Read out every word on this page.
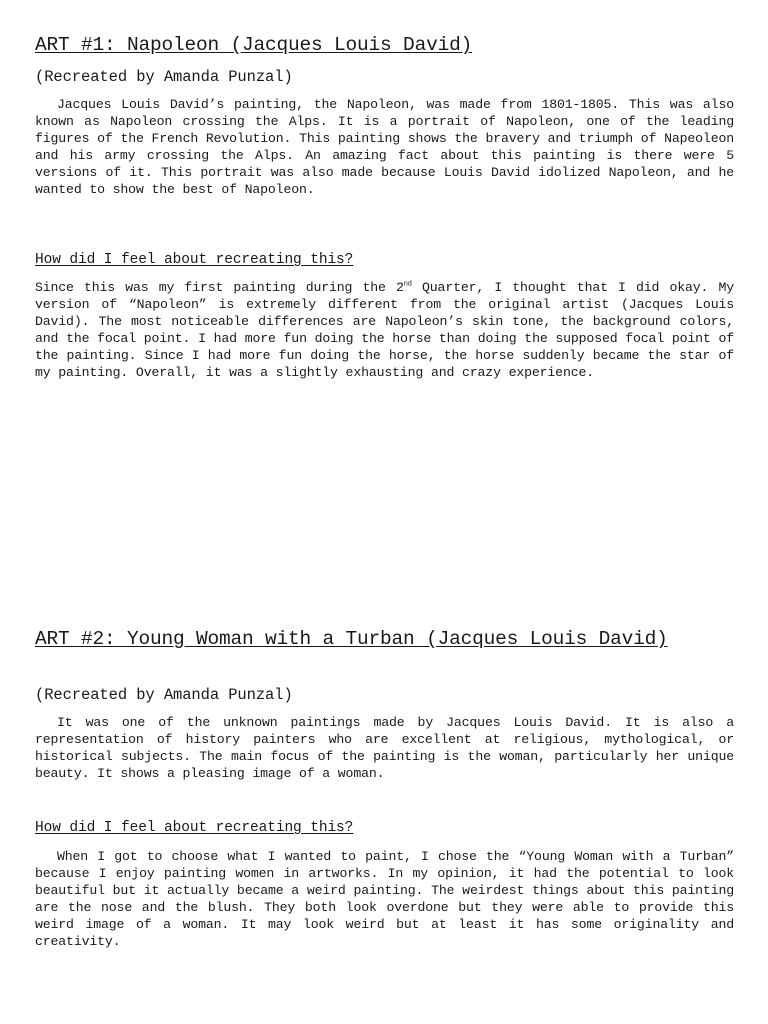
ART #1: Napoleon (Jacques Louis David)

(Recreated by Amanda Punzal)

Jacques Louis David’s painting, the Napoleon, was made from 1801-1805. This was also known as Napoleon crossing the Alps. It is a portrait of Napoleon, one of the leading figures of the French Revolution. This painting shows the bravery and triumph of Napeoleon and his army crossing the Alps. An amazing fact about this painting is there were 5 versions of it. This portrait was also made because Louis David idolized Napoleon, and he wanted to show the best of Napoleon.

How did I feel about recreating this?

Since this was my first painting during the 2nd Quarter, I thought that I did okay. My version of “Napoleon” is extremely different from the original artist (Jacques Louis David). The most noticeable differences are Napoleon’s skin tone, the background colors, and the focal point. I had more fun doing the horse than doing the supposed focal point of the painting. Since I had more fun doing the horse, the horse suddenly became the star of my painting. Overall, it was a slightly exhausting and crazy experience.

ART #2: Young Woman with a Turban (Jacques Louis David)

(Recreated by Amanda Punzal)

It was one of the unknown paintings made by Jacques Louis David. It is also a representation of history painters who are excellent at religious, mythological, or historical subjects. The main focus of the painting is the woman, particularly her unique beauty. It shows a pleasing image of a woman.

How did I feel about recreating this?

When I got to choose what I wanted to paint, I chose the “Young Woman with a Turban” because I enjoy painting women in artworks. In my opinion, it had the potential to look beautiful but it actually became a weird painting. The weirdest things about this painting are the nose and the blush. They both look overdone but they were able to provide this weird image of a woman. It may look weird but at least it has some originality and creativity.
